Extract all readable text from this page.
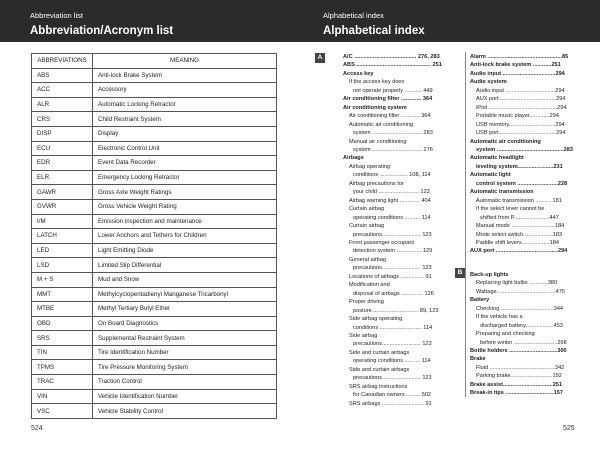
Abbreviation list
Abbreviation/Acronym list
ABBREVIATIONS	MEANING
ABS	Anti-lock Brake System
ACC	Accessory
ALR	Automatic Locking Retractor
CRS	Child Restraint System
DISP	Display
ECU	Electronic Control Unit
EDR	Event Data Recorder
ELR	Emergency Locking Retractor
GAWR	Gross Axle Weight Ratings
GVWR	Gross Vehicle Weight Rating
I/M	Emission inspection and maintenance
LATCH	Lower Anchors and Tethers for Children
LED	Light Emitting Diode
LSD	Limited Slip Differential
M + S	Mud and Snow
MMT	Methylcyclopentadienyl Manganese Tricarbonyl
MTBE	Methyl Tertiary Butyl Ether
OBD	On Board Diagnostics
SRS	Supplemental Restraint System
TIN	Tire Identification Number
TPMS	Tire Pressure Monitoring System
TRAC	Traction Control
VIN	Vehicle Identification Number
VSC	Vehicle Stability Control
524
Alphabetical index
Alphabetical index
A
B
A/C ........................................ 276, 283
ABS ................................................ 251
Access key
If the access key does
not operate properly ........... 449
Air conditioning filter ............. 364
Air conditioning system
Air conditioning filter ............ 364
Automatic air conditioning
system ................................ 283
Manual air conditioning
system ................................ 276
Airbags
Airbag operating
conditions .................. 108, 114
Airbag precautions for
your child .......................... 123
Airbag warning light ............. 404
Curtain airbag
operating conditions .......... 114
Curtain airbag
precautions......................... 123
Front passenger occupant
detection system ................ 129
General airbag
precautions......................... 123
Locations of airbags ............... 91
Modification and
disposal of airbags .............. 126
Proper driving
posture.............................. 89, 123
Side airbag operating
conditions ........................... 114
Side airbag
precautions......................... 123
Side and curtain airbags
operating conditions .......... 114
Side and curtain airbags
precautions......................... 123
SRS airbag instructions
for Canadian owners ......... 502
SRS airbags ........................... 91
Alarm ................................................85
Anti-lock brake system ............251
Audio input ..................................294
Audio system
Audio input ................................294
AUX port.....................................294
iPod ............................................294
Portable music player.............294
USB memory..............................294
USB port.....................................294
Automatic air conditioning
system ...........................................283
Automatic headlight
leveling system.......................231
Automatic light
control system ..........................228
Automatic transmission
Automatic transmission .......... 181
If the select lever cannot be
shifted from P.......................447
Manual mode ............................184
Mode select switch ..................183
Paddle shift levers..................184
AUX port ........................................294
Back-up lights
Replacing light bulbs ............380
Wattage......................................475
Battery
Checking ..................................344
If the vehicle has a
discharged battery..................453
Preparing and checking
before winter ............................268
Bottle holders ...............................300
Brake
Fluid ..........................................342
Parking brake...........................192
Brake assist................................251
Break-in tips ...............................157
525
